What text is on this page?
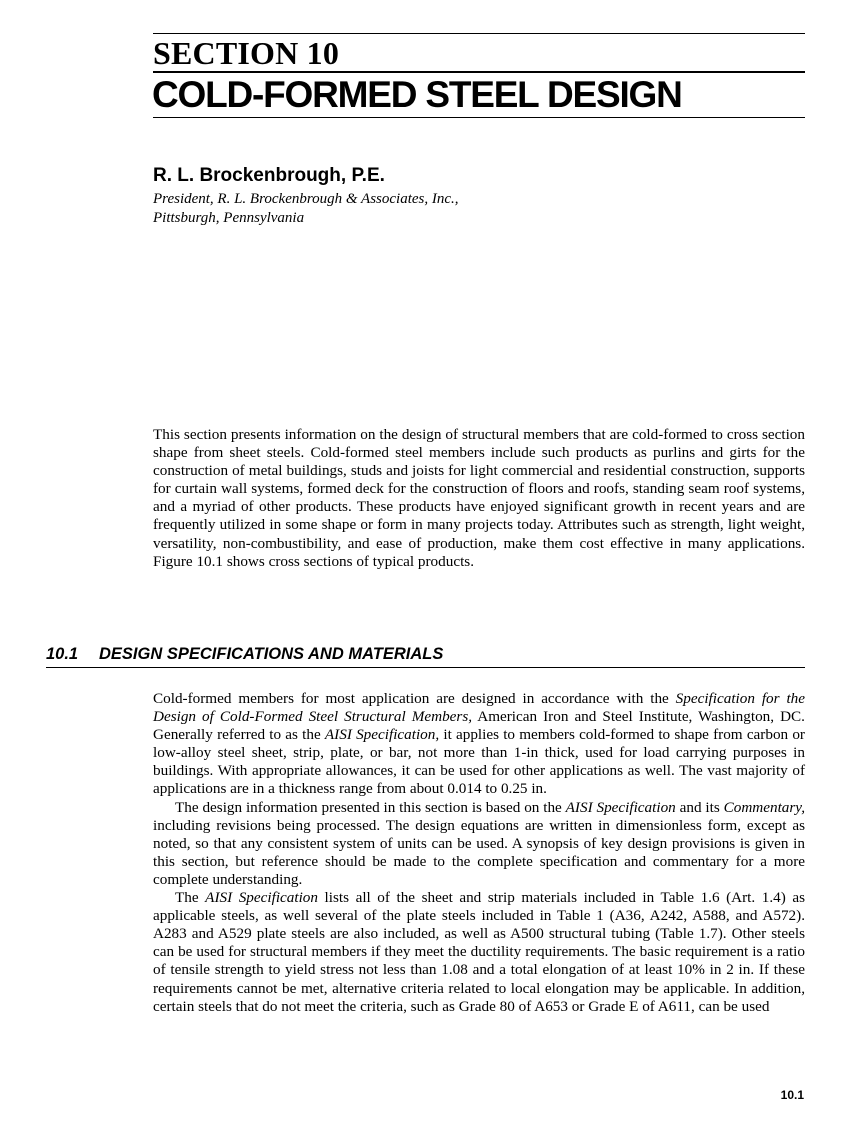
SECTION 10
COLD-FORMED STEEL DESIGN
R. L. Brockenbrough, P.E.
President, R. L. Brockenbrough & Associates, Inc.,
Pittsburgh, Pennsylvania

This section presents information on the design of structural members that are cold-formed to cross section shape from sheet steels. Cold-formed steel members include such products as purlins and girts for the construction of metal buildings, studs and joists for light commercial and residential construction, supports for curtain wall systems, formed deck for the construction of floors and roofs, standing seam roof systems, and a myriad of other products. These products have enjoyed significant growth in recent years and are frequently utilized in some shape or form in many projects today. Attributes such as strength, light weight, versatility, non-combustibility, and ease of production, make them cost effective in many applications. Figure 10.1 shows cross sections of typical products.

10.1 DESIGN SPECIFICATIONS AND MATERIALS

Cold-formed members for most application are designed in accordance with the Specification for the Design of Cold-Formed Steel Structural Members, American Iron and Steel Institute, Washington, DC. Generally referred to as the AISI Specification, it applies to members cold-formed to shape from carbon or low-alloy steel sheet, strip, plate, or bar, not more than 1-in thick, used for load carrying purposes in buildings. With appropriate allowances, it can be used for other applications as well. The vast majority of applications are in a thickness range from about 0.014 to 0.25 in.

The design information presented in this section is based on the AISI Specification and its Commentary, including revisions being processed. The design equations are written in dimensionless form, except as noted, so that any consistent system of units can be used. A synopsis of key design provisions is given in this section, but reference should be made to the complete specification and commentary for a more complete understanding.

The AISI Specification lists all of the sheet and strip materials included in Table 1.6 (Art. 1.4) as applicable steels, as well several of the plate steels included in Table 1 (A36, A242, A588, and A572). A283 and A529 plate steels are also included, as well as A500 structural tubing (Table 1.7). Other steels can be used for structural members if they meet the ductility requirements. The basic requirement is a ratio of tensile strength to yield stress not less than 1.08 and a total elongation of at least 10% in 2 in. If these requirements cannot be met, alternative criteria related to local elongation may be applicable. In addition, certain steels that do not meet the criteria, such as Grade 80 of A653 or Grade E of A611, can be used

10.1
